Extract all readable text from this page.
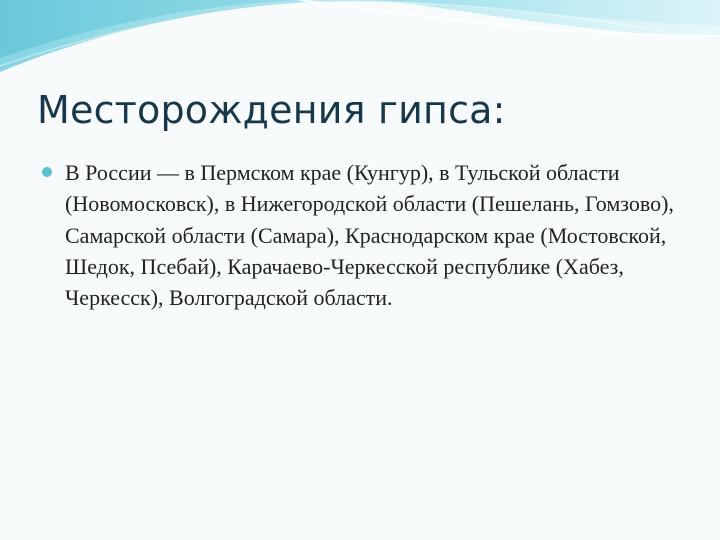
Месторождения гипса:

В России — в Пермском крае (Кунгур), в Тульской области (Новомосковск), в Нижегородской области (Пешелань, Гомзово), Самарской области (Самара), Краснодарском крае (Мостовской, Шедок, Псебай), Карачаево-Черкесской республике (Хабез, Черкесск), Волгоградской области.
